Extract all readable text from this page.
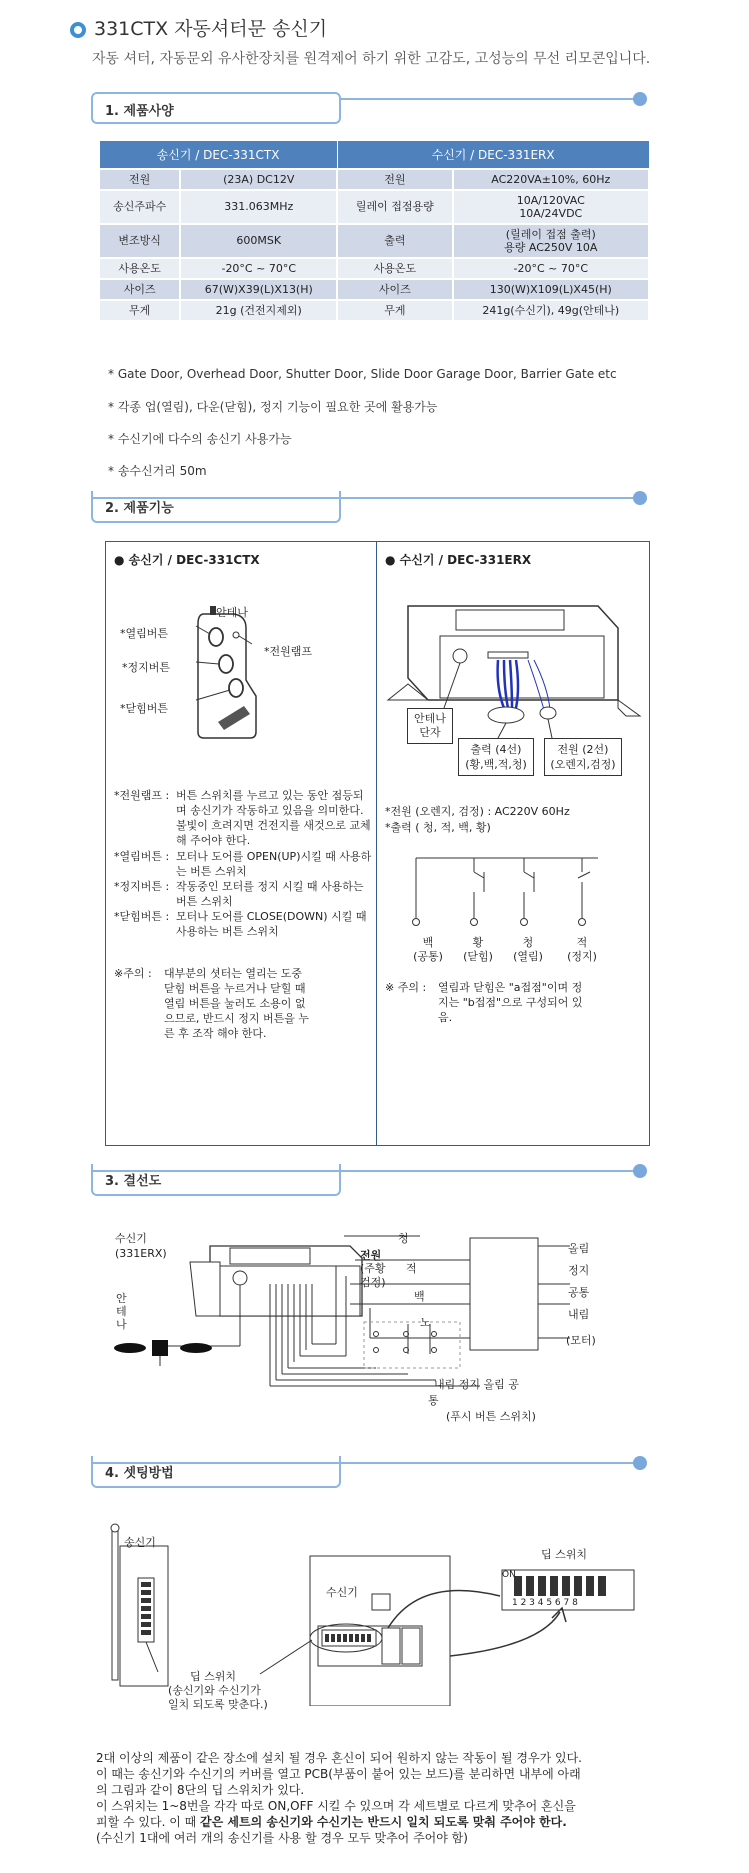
331CTX 자동셔터문 송신기
자동 셔터, 자동문외 유사한장치를 원격제어 하기 위한 고감도, 고성능의 무선 리모콘입니다.
1. 제품사양
송신기 / DEC-331CTX		수신기 / DEC-331ERX	
전원	(23A) DC12V	전원	AC220VA±10%, 60Hz
송신주파수	331.063MHz	릴레이 접점용량	10A/120VAC
10A/24VDC
변조방식	600MSK	출력	(릴레이 접점 출력)
용량 AC250V 10A
사용온도	-20°C ~ 70°C	사용온도	-20°C ~ 70°C
사이즈	67(W)X39(L)X13(H)	사이즈	130(W)X109(L)X45(H)
무게	21g (건전지제외)	무게	241g(수신기), 49g(안테나)

* Gate Door, Overhead Door, Shutter Door, Slide Door Garage Door, Barrier Gate etc

* 각종 업(열림), 다운(닫힘), 정지 기능이 필요한 곳에 활용가능

* 수신기에 다수의 송신기 사용가능

* 송수신거리 50m

2. 제품기능
● 송신기 / DEC-331CTX	● 수신기 / DEC-331ERX
안테나
*열림버튼
*정지버튼
*닫힘버튼
*전원램프
*전원램프 : 버튼 스위치를 누르고 있는 동안 점등되며 송신기가 작동하고 있음을 의미한다. 불빛이 흐려지면 건전지를 새것으로 교체 해 주어야 한다.
*열림버튼 : 모터나 도어를 OPEN(UP)시킬 때 사용하는 버튼 스위치
*정지버튼 : 작동중인 모터를 정지 시킬 때 사용하는 버튼 스위치
*닫힘버튼 : 모터나 도어를 CLOSE(DOWN) 시킬 때 사용하는 버튼 스위치
※주의 :	대부분의 셧터는 열리는 도중 닫힘 버튼을 누르거나 닫힐 때 열림 버튼을 눌러도 소용이 없으므로, 반드시 정지 버튼을 누른 후 조작 해야 한다.
안테나
단자
출력 (4선)
(황,백,적,청)
전원 (2선)
(오렌지,검정)
*전원 (오렌지, 검정) : AC220V 60Hz
*출력 ( 청, 적, 백, 황)
백
(공통)
황
(닫힘)
청
(열림)
적
(정지)
※ 주의 :	열림과 닫힘은 "a접점"이며 정지는 "b접점"으로 구성되어 있음.
3. 결선도
수신기
(331ERX)
안
테
나
전원
(주황
검정)
청
적
백
노
올림
정지
공통
내림
(모터)
내림 정지 올림 공
통
(푸시 버튼 스위치)
4. 셋팅방법
송신기
수신기
딥 스위치
ON
1 2 3 4 5 6 7 8
딥 스위치
(송신기와 수신기가
일치 되도록 맞춘다.)
2대 이상의 제품이 같은 장소에 설치 될 경우 혼신이 되어 원하지 않는 작동이 될 경우가 있다.
이 때는 송신기와 수신기의 커버를 열고 PCB(부품이 붙어 있는 보드)를 분리하면 내부에 아래
의 그림과 같이 8단의 딥 스위치가 있다.
이 스위치는 1~8번을 각각 따로 ON,OFF 시킬 수 있으며 각 세트별로 다르게 맞추어 혼신을
피할 수 있다. 이 때 같은 세트의 송신기와 수신기는 반드시 일치 되도록 맞춰 주어야 한다.
(수신기 1대에 여러 개의 송신기를 사용 할 경우 모두 맞추어 주어야 함)
